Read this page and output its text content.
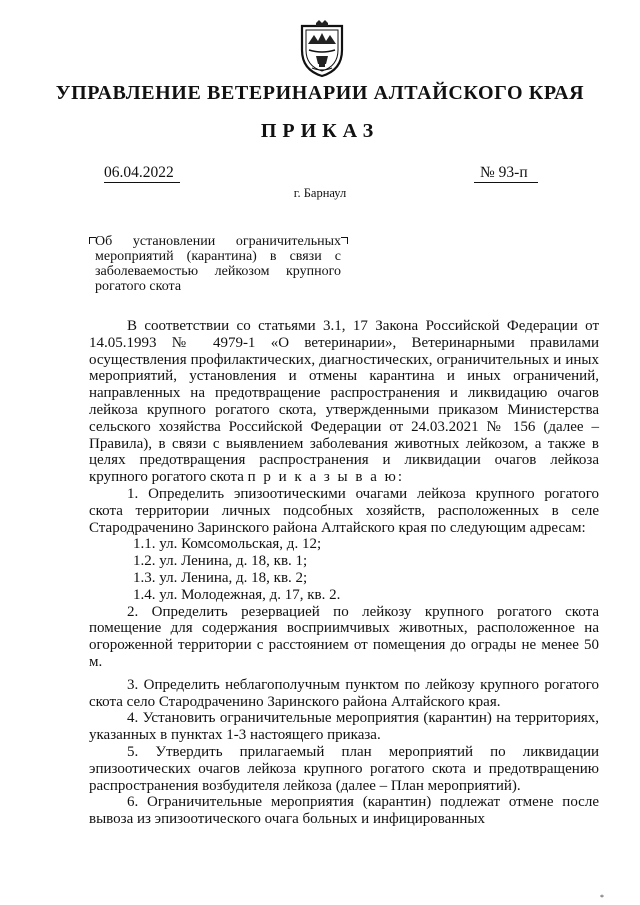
УПРАВЛЕНИЕ ВЕТЕРИНАРИИ АЛТАЙСКОГО КРАЯ
ПРИКАЗ
06.04.2022	№ 93-п
г. Барнаул
Об установлении ограничительных мероприятий (карантина) в связи с заболеваемостью лейкозом крупного рогатого скота

В соответствии со статьями 3.1, 17 Закона Российской Федерации от 14.05.1993 № 4979-1 «О ветеринарии», Ветеринарными правилами осуществления профилактических, диагностических, ограничительных и иных мероприятий, установления и отмены карантина и иных ограничений, направленных на предотвращение распространения и ликвидацию очагов лейкоза крупного рогатого скота, утвержденными приказом Министерства сельского хозяйства Российской Федерации от 24.03.2021 № 156 (далее – Правила), в связи с выявлением заболевания животных лейкозом, а также в целях предотвращения распространения и ликвидации очагов лейкоза крупного рогатого скота п р и к а з ы в а ю:

1. Определить эпизоотическими очагами лейкоза крупного рогатого скота территории личных подсобных хозяйств, расположенных в селе Стародраченино Заринского района Алтайского края по следующим адресам:

1.1. ул. Комсомольская, д. 12;

1.2. ул. Ленина, д. 18, кв. 1;

1.3. ул. Ленина, д. 18, кв. 2;

1.4. ул. Молодежная, д. 17, кв. 2.

2. Определить резервацией по лейкозу крупного рогатого скота помещение для содержания восприимчивых животных, расположенное на огороженной территории с расстоянием от помещения до ограды не менее 50 м.

3. Определить неблагополучным пунктом по лейкозу крупного рогатого скота село Стародраченино Заринского района Алтайского края.

4. Установить ограничительные мероприятия (карантин) на территориях, указанных в пунктах 1-3 настоящего приказа.

5. Утвердить прилагаемый план мероприятий по ликвидации эпизоотических очагов лейкоза крупного рогатого скота и предотвращению распространения возбудителя лейкоза (далее – План мероприятий).

6. Ограничительные мероприятия (карантин) подлежат отмене после вывоза из эпизоотического очага больных и инфицированных

*
